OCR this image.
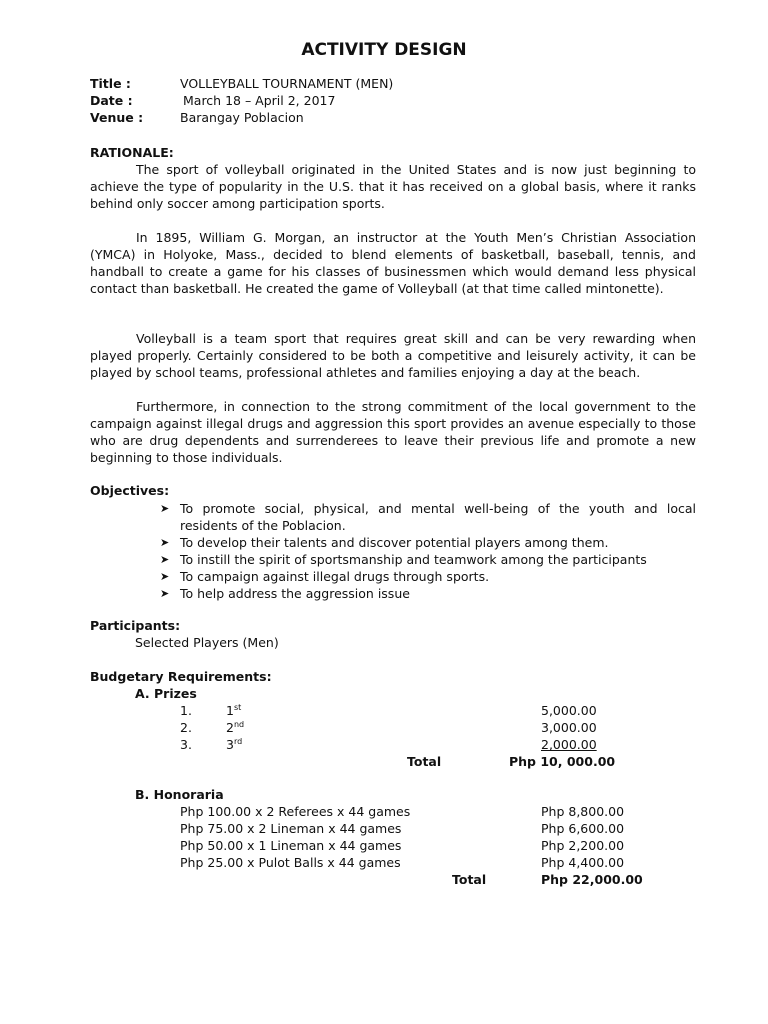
ACTIVITY DESIGN
Title :	VOLLEYBALL TOURNAMENT (MEN)
Date :	March 18 – April 2, 2017
Venue :	Barangay Poblacion
RATIONALE:
The sport of volleyball originated in the United States and is now just beginning to achieve the type of popularity in the U.S. that it has received on a global basis, where it ranks behind only soccer among participation sports.
In 1895, William G. Morgan, an instructor at the Youth Men’s Christian Association (YMCA) in Holyoke, Mass., decided to blend elements of basketball, baseball, tennis, and handball to create a game for his classes of businessmen which would demand less physical contact than basketball. He created the game of Volleyball (at that time called mintonette).
Volleyball is a team sport that requires great skill and can be very rewarding when played properly. Certainly considered to be both a competitive and leisurely activity, it can be played by school teams, professional athletes and families enjoying a day at the beach.
Furthermore, in connection to the strong commitment of the local government to the campaign against illegal drugs and aggression this sport provides an avenue especially to those who are drug dependents and surrenderees to leave their previous life and promote a new beginning to those individuals.
Objectives:
➤ To promote social, physical, and mental well-being of the youth and local residents of the Poblacion.
➤ To develop their talents and discover potential players among them.
➤ To instill the spirit of sportsmanship and teamwork among the participants
➤ To campaign against illegal drugs through sports.
➤ To help address the aggression issue
Participants:
Selected Players (Men)
Budgetary Requirements:
A. Prizes
1.	1st	5,000.00
2.	2nd	3,000.00
3.	3rd	2,000.00
Total	Php 10, 000.00
B. Honoraria
Php 100.00 x 2 Referees x 44 games	Php 8,800.00
Php 75.00 x 2 Lineman x 44 games	Php 6,600.00
Php 50.00 x 1 Lineman x 44 games	Php 2,200.00
Php 25.00 x Pulot Balls x 44 games	Php 4,400.00
Total	Php 22,000.00
